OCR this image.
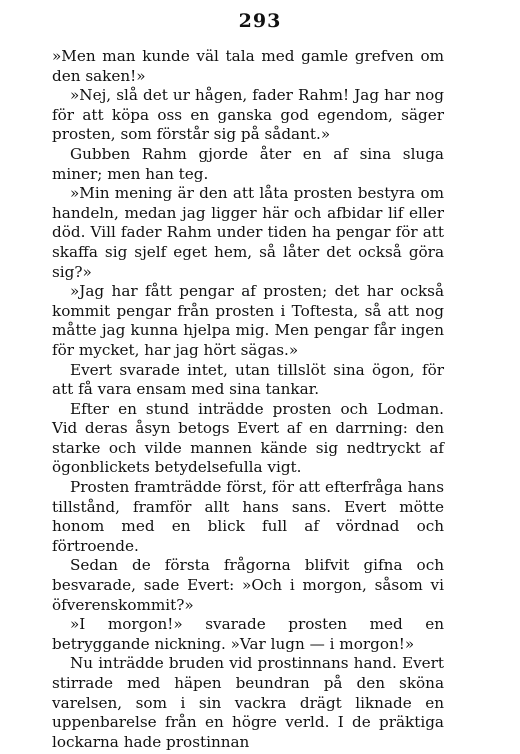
293

»Men man kunde väl tala med gamle grefven om den saken!»

»Nej, slå det ur hågen, fader Rahm! Jag har nog för att köpa oss en ganska god egendom, säger prosten, som förstår sig på sådant.»

Gubben Rahm gjorde åter en af sina sluga miner; men han teg.

»Min mening är den att låta prosten bestyra om handeln, medan jag ligger här och afbidar lif eller död. Vill fader Rahm under tiden ha pengar för att skaffa sig sjelf eget hem, så låter det också göra sig?»

»Jag har fått pengar af prosten; det har också kommit pengar från prosten i Toftesta, så att nog måtte jag kunna hjelpa mig. Men pengar får ingen för mycket, har jag hört sägas.»

Evert svarade intet, utan tillslöt sina ögon, för att få vara ensam med sina tankar.

Efter en stund inträdde prosten och Lodman. Vid deras åsyn betogs Evert af en darrning: den starke och vilde mannen kände sig nedtryckt af ögonblickets betydelsefulla vigt.

Prosten framträdde först, för att efterfråga hans tillstånd, framför allt hans sans. Evert mötte honom med en blick full af vördnad och förtroende.

Sedan de första frågorna blifvit gifna och besvarade, sade Evert: »Och i morgon, såsom vi öfverenskommit?»

»I morgon!» svarade prosten med en betryggande nickning. »Var lugn — i morgon!»

Nu inträdde bruden vid prostinnans hand. Evert stirrade med häpen beundran på den sköna varelsen, som i sin vackra drägt liknade en uppenbarelse från en högre verld. I de präktiga lockarna hade prostinnan
